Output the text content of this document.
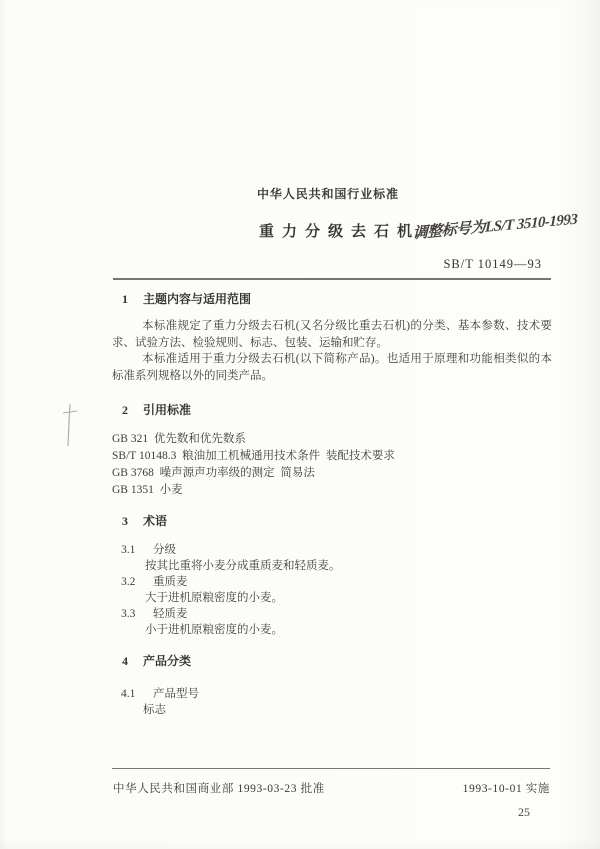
中华人民共和国行业标准
重力分级去石机
调整标号为LS/T 3510-1993
SB/T 10149—93
1 主题内容与适用范围

本标准规定了重力分级去石机(又名分级比重去石机)的分类、基本参数、技术要求、试验方法、检验规则、标志、包装、运输和贮存。

本标准适用于重力分级去石机(以下简称产品)。也适用于原理和功能相类似的本标准系列规格以外的同类产品。

2 引用标准
GB 321  优先数和优先数系
SB/T 10148.3  粮油加工机械通用技术条件  装配技术要求
GB 3768  噪声源声功率级的测定  简易法
GB 1351  小麦
3 术语
3.1 分级
按其比重将小麦分成重质麦和轻质麦。
3.2 重质麦
大于进机原粮密度的小麦。
3.3 轻质麦
小于进机原粮密度的小麦。
4 产品分类
4.1 产品型号
标志
中华人民共和国商业部 1993-03-23 批准	1993-10-01 实施
25
